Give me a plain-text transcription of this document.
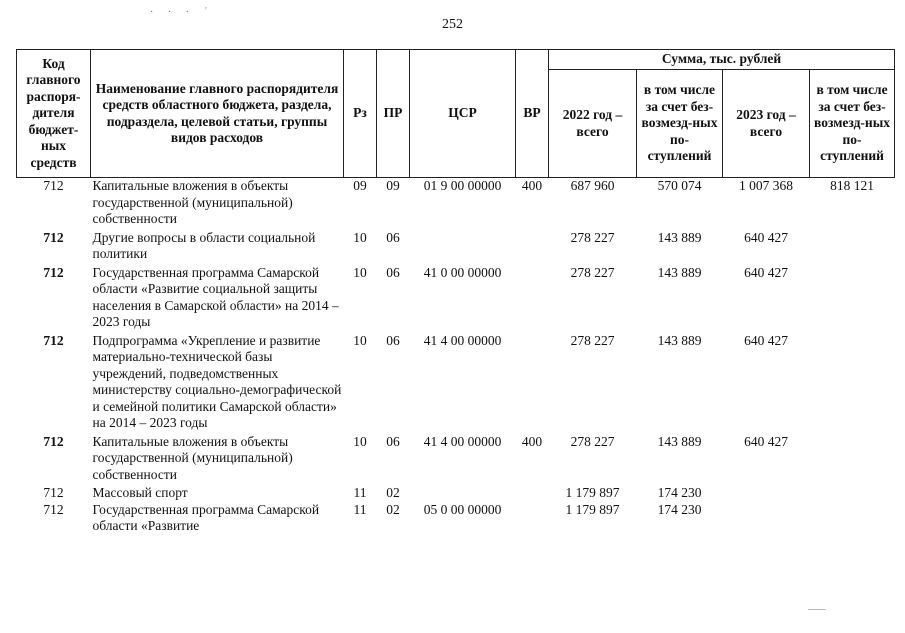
· · · '
252
Код главного распоря-дителя бюджет-ных средств	Наименование главного распорядителя средств областного бюджета, раздела, подраздела, целевой статьи, группы видов расходов	Рз	ПР	ЦСР	ВР	Сумма, тыс. рублей			
						2022 год – всего	в том числе за счет без-возмезд-ных по-ступлений	2023 год – всего	в том числе за счет без-возмезд-ных по-ступлений
712	Капитальные вложения в объекты государственной (муниципальной) собственности	09	09	01 9 00 00000	400	687 960	570 074	1 007 368	818 121

712	Другие вопросы в области социальной политики	10	06			278 227	143 889	640 427	

712	Государственная программа Самарской области «Развитие социальной защиты населения в Самарской области» на 2014 – 2023 годы	10	06	41 0 00 00000		278 227	143 889	640 427	

712	Подпрограмма «Укрепление и развитие материально-технической базы учреждений, подведомственных министерству социально-демографической и семейной политики Самарской области» на 2014 – 2023 годы	10	06	41 4 00 00000		278 227	143 889	640 427	

712	Капитальные вложения в объекты государственной (муниципальной) собственности	10	06	41 4 00 00000	400	278 227	143 889	640 427	

712	Массовый спорт	11	02			1 179 897	174 230		
712	Государственная программа Самарской области «Развитие	11	02	05 0 00 00000		1 179 897	174 230		
